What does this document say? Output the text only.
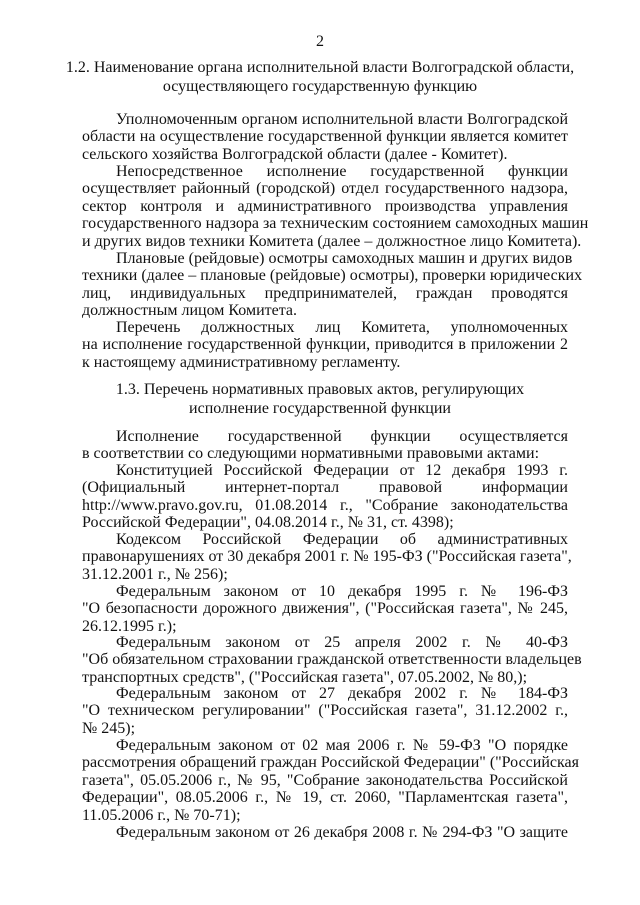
2
1.2. Наименование органа исполнительной власти Волгоградской области,
осуществляющего государственную функцию
Уполномоченным органом исполнительной власти Волгоградской
области на осуществление государственной функции является комитет
сельского хозяйства Волгоградской области (далее - Комитет).
Непосредственное исполнение государственной функции
осуществляет районный (городской) отдел государственного надзора,
сектор контроля и административного производства управления
государственного надзора за техническим состоянием самоходных машин
и других видов техники Комитета (далее – должностное лицо Комитета).
Плановые (рейдовые) осмотры самоходных машин и других видов
техники (далее – плановые (рейдовые) осмотры), проверки юридических
лиц, индивидуальных предпринимателей, граждан проводятся
должностным лицом Комитета.
Перечень должностных лиц Комитета, уполномоченных
на исполнение государственной функции, приводится в приложении 2
к настоящему административному регламенту.
1.3. Перечень нормативных правовых актов, регулирующих
исполнение государственной функции
Исполнение государственной функции осуществляется
в соответствии со следующими нормативными правовыми актами:
Конституцией Российской Федерации от 12 декабря 1993 г.
(Официальный интернет-портал правовой информации
http://www.pravo.gov.ru, 01.08.2014 г., "Собрание законодательства
Российской Федерации", 04.08.2014 г., № 31, ст. 4398);
Кодексом Российской Федерации об административных
правонарушениях от 30 декабря 2001 г. № 195-ФЗ ("Российская газета",
31.12.2001 г., № 256);
Федеральным законом от 10 декабря 1995 г. № 196-ФЗ
"О безопасности дорожного движения", ("Российская газета", № 245,
26.12.1995 г.);
Федеральным законом от 25 апреля 2002 г. № 40-ФЗ
"Об обязательном страховании гражданской ответственности владельцев
транспортных средств", ("Российская газета", 07.05.2002, № 80,);
Федеральным законом от 27 декабря 2002 г. № 184-ФЗ
"О техническом регулировании" ("Российская газета", 31.12.2002 г.,
№ 245);
Федеральным законом от 02 мая 2006 г. № 59-ФЗ "О порядке
рассмотрения обращений граждан Российской Федерации" ("Российская
газета", 05.05.2006 г., № 95, "Собрание законодательства Российской
Федерации", 08.05.2006 г., № 19, ст. 2060, "Парламентская газета",
11.05.2006 г., № 70-71);
Федеральным законом от 26 декабря 2008 г. № 294-ФЗ "О защите
